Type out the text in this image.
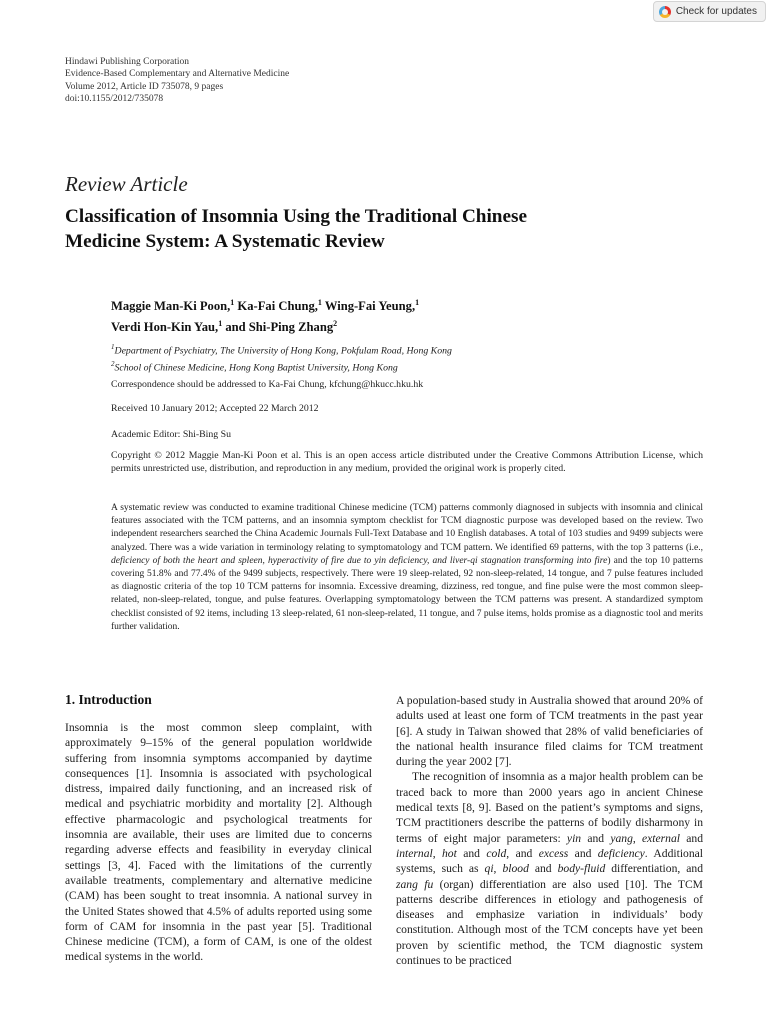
Check for updates
Hindawi Publishing Corporation
Evidence-Based Complementary and Alternative Medicine
Volume 2012, Article ID 735078, 9 pages
doi:10.1155/2012/735078
Review Article
Classification of Insomnia Using the Traditional Chinese
Medicine System: A Systematic Review
Maggie Man-Ki Poon,$^1$ Ka-Fai Chung,$^1$ Wing-Fai Yeung,$^1$
Verdi Hon-Kin Yau,$^1$ and Shi-Ping Zhang$^2$
$^1$Department of Psychiatry, The University of Hong Kong, Pokfulam Road, Hong Kong
$^2$School of Chinese Medicine, Hong Kong Baptist University, Hong Kong
Correspondence should be addressed to Ka-Fai Chung, kfchung@hkucc.hku.hk
Received 10 January 2012; Accepted 22 March 2012
Academic Editor: Shi-Bing Su
Copyright © 2012 Maggie Man-Ki Poon et al. This is an open access article distributed under the Creative Commons Attribution License, which permits unrestricted use, distribution, and reproduction in any medium, provided the original work is properly cited.
A systematic review was conducted to examine traditional Chinese medicine (TCM) patterns commonly diagnosed in subjects with insomnia and clinical features associated with the TCM patterns, and an insomnia symptom checklist for TCM diagnostic purpose was developed based on the review. Two independent researchers searched the China Academic Journals Full-Text Database and 10 English databases. A total of 103 studies and 9499 subjects were analyzed. There was a wide variation in terminology relating to symptomatology and TCM pattern. We identified 69 patterns, with the top 3 patterns (i.e., deficiency of both the heart and spleen, hyperactivity of fire due to yin deficiency, and liver-qi stagnation transforming into fire) and the top 10 patterns covering 51.8% and 77.4% of the 9499 subjects, respectively. There were 19 sleep-related, 92 non-sleep-related, 14 tongue, and 7 pulse features included as diagnostic criteria of the top 10 TCM patterns for insomnia. Excessive dreaming, dizziness, red tongue, and fine pulse were the most common sleep-related, non-sleep-related, tongue, and pulse features. Overlapping symptomatology between the TCM patterns was present. A standardized symptom checklist consisted of 92 items, including 13 sleep-related, 61 non-sleep-related, 11 tongue, and 7 pulse items, holds promise as a diagnostic tool and merits further validation.
1. Introduction

Insomnia is the most common sleep complaint, with approximately 9–15% of the general population worldwide suffering from insomnia symptoms accompanied by daytime consequences [1]. Insomnia is associated with psychological distress, impaired daily functioning, and an increased risk of medical and psychiatric morbidity and mortality [2]. Although effective pharmacologic and psychological treatments for insomnia are available, their uses are limited due to concerns regarding adverse effects and feasibility in everyday clinical settings [3, 4]. Faced with the limitations of the currently available treatments, complementary and alternative medicine (CAM) has been sought to treat insomnia. A national survey in the United States showed that 4.5% of adults reported using some form of CAM for insomnia in the past year [5]. Traditional Chinese medicine (TCM), a form of CAM, is one of the oldest medical systems in the world.

A population-based study in Australia showed that around 20% of adults used at least one form of TCM treatments in the past year [6]. A study in Taiwan showed that 28% of valid beneficiaries of the national health insurance filed claims for TCM treatment during the year 2002 [7].

The recognition of insomnia as a major health problem can be traced back to more than 2000 years ago in ancient Chinese medical texts [8, 9]. Based on the patient’s symptoms and signs, TCM practitioners describe the patterns of bodily disharmony in terms of eight major parameters: yin and yang, external and internal, hot and cold, and excess and deficiency. Additional systems, such as qi, blood and body-fluid differentiation, and zang fu (organ) differentiation are also used [10]. The TCM patterns describe differences in etiology and pathogenesis of diseases and emphasize variation in individuals’ body constitution. Although most of the TCM concepts have yet been proven by scientific method, the TCM diagnostic system continues to be practiced
